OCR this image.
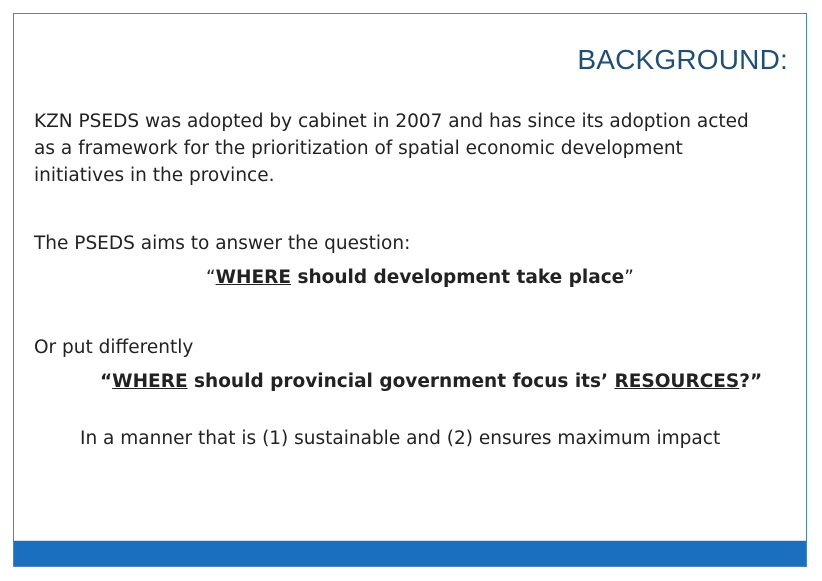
BACKGROUND:
KZN PSEDS was adopted by cabinet in 2007 and has since its adoption acted
as a framework for the prioritization of spatial economic development
initiatives in the province.
The PSEDS aims to answer the question:
“WHERE should development take place”
Or put differently
“WHERE should provincial government focus its’ RESOURCES?”
In a manner that is (1) sustainable and (2) ensures maximum impact
